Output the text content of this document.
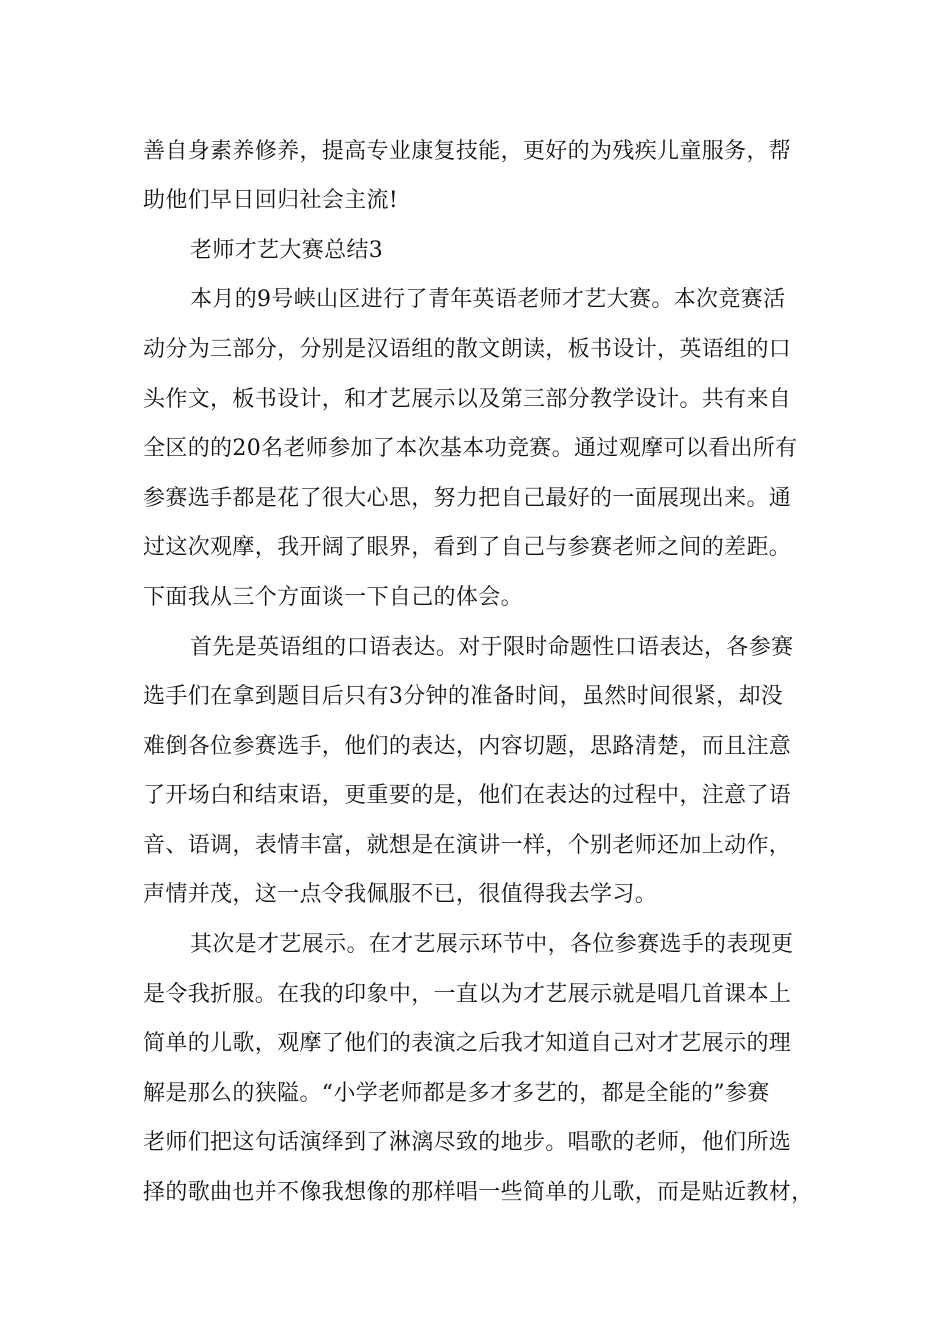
善自身素养修养，提高专业康复技能，更好的为残疾儿童服务，帮
助他们早日回归社会主流!
老师才艺大赛总结3
本月的9号峡山区进行了青年英语老师才艺大赛。本次竞赛活
动分为三部分，分别是汉语组的散文朗读，板书设计，英语组的口
头作文，板书设计，和才艺展示以及第三部分教学设计。共有来自
全区的的20名老师参加了本次基本功竞赛。通过观摩可以看出所有
参赛选手都是花了很大心思，努力把自己最好的一面展现出来。通
过这次观摩，我开阔了眼界，看到了自己与参赛老师之间的差距。
下面我从三个方面谈一下自己的体会。
首先是英语组的口语表达。对于限时命题性口语表达，各参赛
选手们在拿到题目后只有3分钟的准备时间，虽然时间很紧，却没
难倒各位参赛选手，他们的表达，内容切题，思路清楚，而且注意
了开场白和结束语，更重要的是，他们在表达的过程中，注意了语
音、语调，表情丰富，就想是在演讲一样，个别老师还加上动作，
声情并茂，这一点令我佩服不已，很值得我去学习。
其次是才艺展示。在才艺展示环节中，各位参赛选手的表现更
是令我折服。在我的印象中，一直以为才艺展示就是唱几首课本上
简单的儿歌，观摩了他们的表演之后我才知道自己对才艺展示的理
解是那么的狭隘。“小学老师都是多才多艺的，都是全能的”参赛
老师们把这句话演绎到了淋漓尽致的地步。唱歌的老师，他们所选
择的歌曲也并不像我想像的那样唱一些简单的儿歌，而是贴近教材，
